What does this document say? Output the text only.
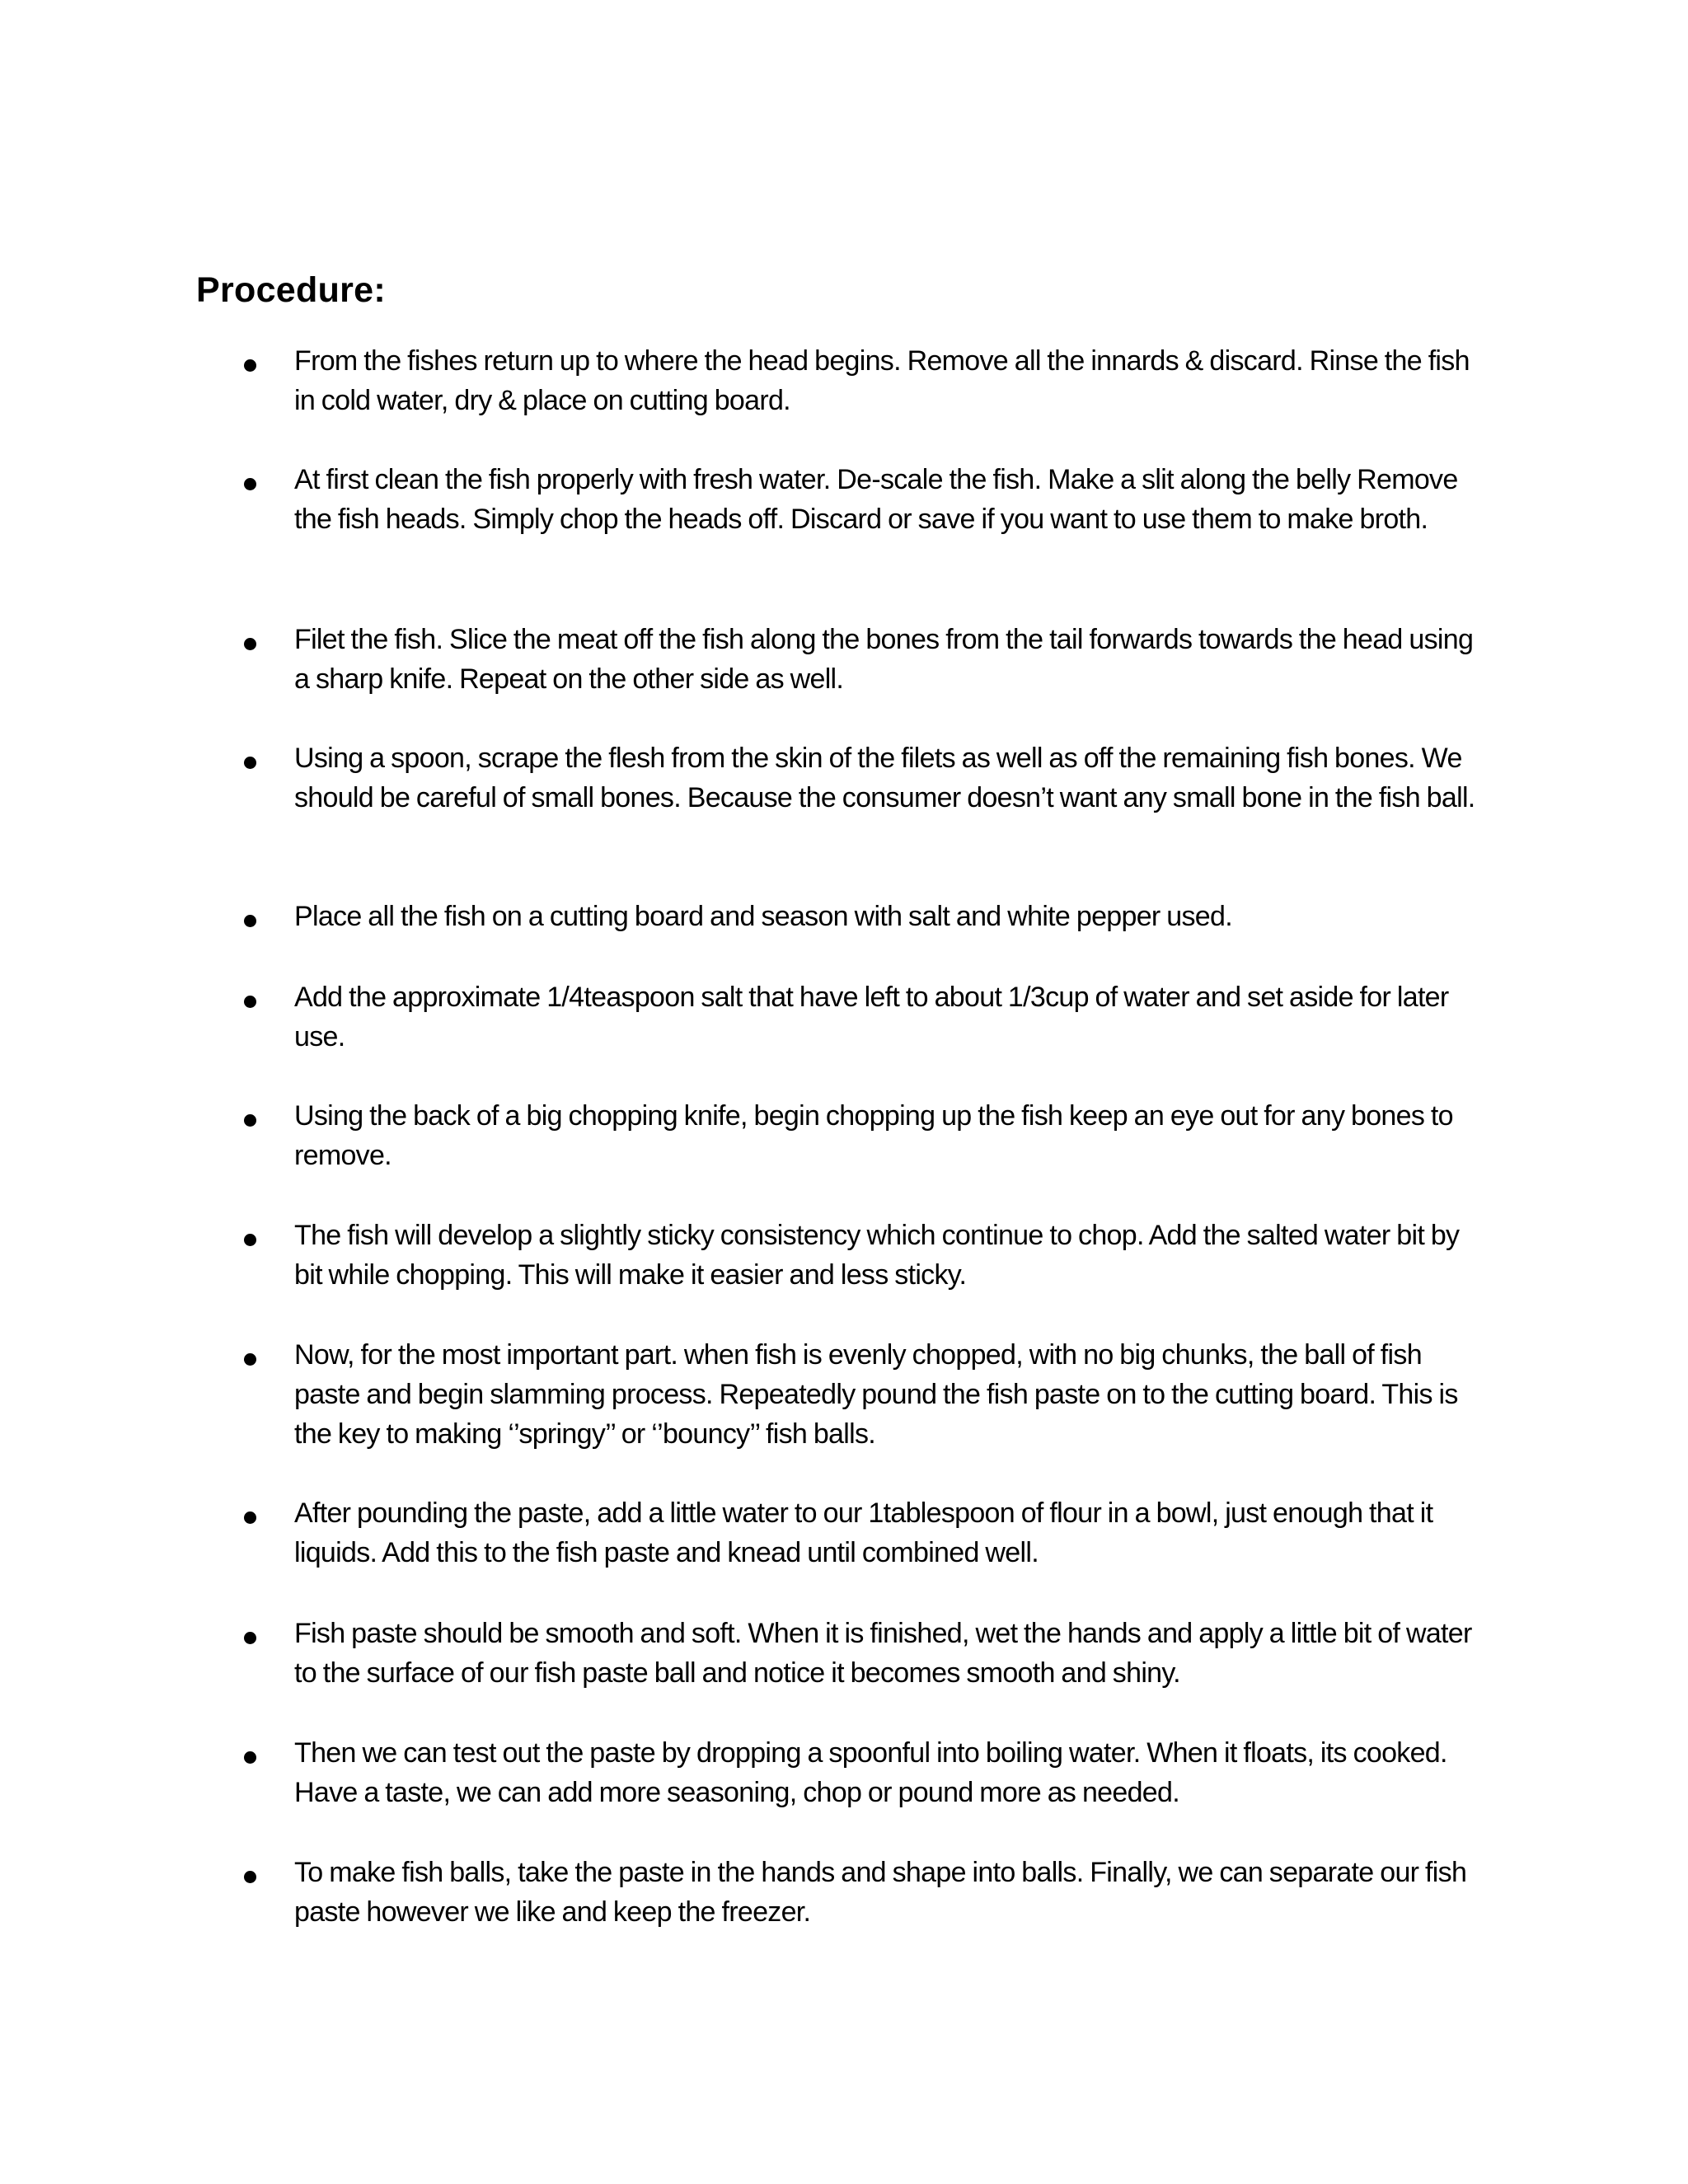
Procedure:
From the fishes return up to where the head begins. Remove all the innards & discard. Rinse the fish in cold water, dry & place on cutting board.
At first clean the fish properly with fresh water. De-scale the fish. Make a slit along the belly Remove the fish heads. Simply chop the heads off. Discard or save if you want to use them to make broth.
Filet the fish. Slice the meat off the fish along the bones from the tail forwards towards the head using a sharp knife. Repeat on the other side as well.
Using a spoon, scrape the flesh from the skin of the filets as well as off the remaining fish bones. We should be careful of small bones. Because the consumer doesn’t want any small bone in the fish ball.
Place all the fish on a cutting board and season with salt and white pepper used.
Add the approximate 1/4teaspoon salt that have left to about 1/3cup of water and set aside for later use.
Using the back of a big chopping knife, begin chopping up the fish keep an eye out for any bones to remove.
The fish will develop a slightly sticky consistency which continue to chop. Add the salted water bit by bit while chopping. This will make it easier and less sticky.
Now, for the most important part. when fish is evenly chopped, with no big chunks, the ball of fish paste and begin slamming process. Repeatedly pound the fish paste on to the cutting board. This is the key to making ‘’springy’’ or ‘’bouncy’’ fish balls.
After pounding the paste, add a little water to our 1tablespoon of flour in a bowl, just enough that it liquids. Add this to the fish paste and knead until combined well.
Fish paste should be smooth and soft. When it is finished, wet the hands and apply a little bit of water to the surface of our fish paste ball and notice it becomes smooth and shiny.
Then we can test out the paste by dropping a spoonful into boiling water. When it floats, its cooked. Have a taste, we can add more seasoning, chop or pound more as needed.
To make fish balls, take the paste in the hands and shape into balls. Finally, we can separate our fish paste however we like and keep the freezer.
